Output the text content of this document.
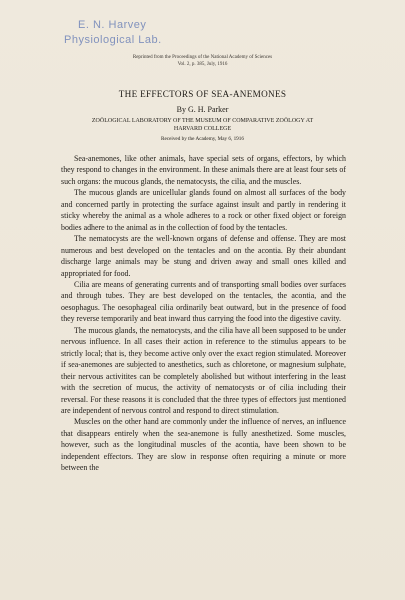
E. N. Harvey
Physiological Lab.
Reprinted from the Proceedings of the National Academy of Sciences
Vol. 2, p. 385, July, 1916
THE EFFECTORS OF SEA-ANEMONES
By G. H. Parker
ZOÖLOGICAL LABORATORY OF THE MUSEUM OF COMPARATIVE ZOÖLOGY AT
HARVARD COLLEGE
Received by the Academy, May 6, 1916

Sea-anemones, like other animals, have special sets of organs, effectors, by which they respond to changes in the environment. In these animals there are at least four sets of such organs: the mucous glands, the nematocysts, the cilia, and the muscles.

The mucous glands are unicellular glands found on almost all surfaces of the body and concerned partly in protecting the surface against insult and partly in rendering it sticky whereby the animal as a whole adheres to a rock or other fixed object or foreign bodies adhere to the animal as in the collection of food by the tentacles.

The nematocysts are the well-known organs of defense and offense. They are most numerous and best developed on the tentacles and on the acontia. By their abundant discharge large animals may be stung and driven away and small ones killed and appropriated for food.

Cilia are means of generating currents and of transporting small bodies over surfaces and through tubes. They are best developed on the tentacles, the acontia, and the oesophagus. The oesophageal cilia ordinarily beat outward, but in the presence of food they reverse temporarily and beat inward thus carrying the food into the digestive cavity.

The mucous glands, the nematocysts, and the cilia have all been supposed to be under nervous influence. In all cases their action in reference to the stimulus appears to be strictly local; that is, they become active only over the exact region stimulated. Moreover if sea-anemones are subjected to anesthetics, such as chloretone, or magnesium sulphate, their nervous activitites can be completely abolished but without interfering in the least with the secretion of mucus, the activity of nematocysts or of cilia including their reversal. For these reasons it is concluded that the three types of effectors just mentioned are independent of nervous control and respond to direct stimulation.

Muscles on the other hand are commonly under the influence of nerves, an influence that disappears entirely when the sea-anemone is fully anesthetized. Some muscles, however, such as the longitudinal muscles of the acontia, have been shown to be independent effectors. They are slow in response often requiring a minute or more between the
